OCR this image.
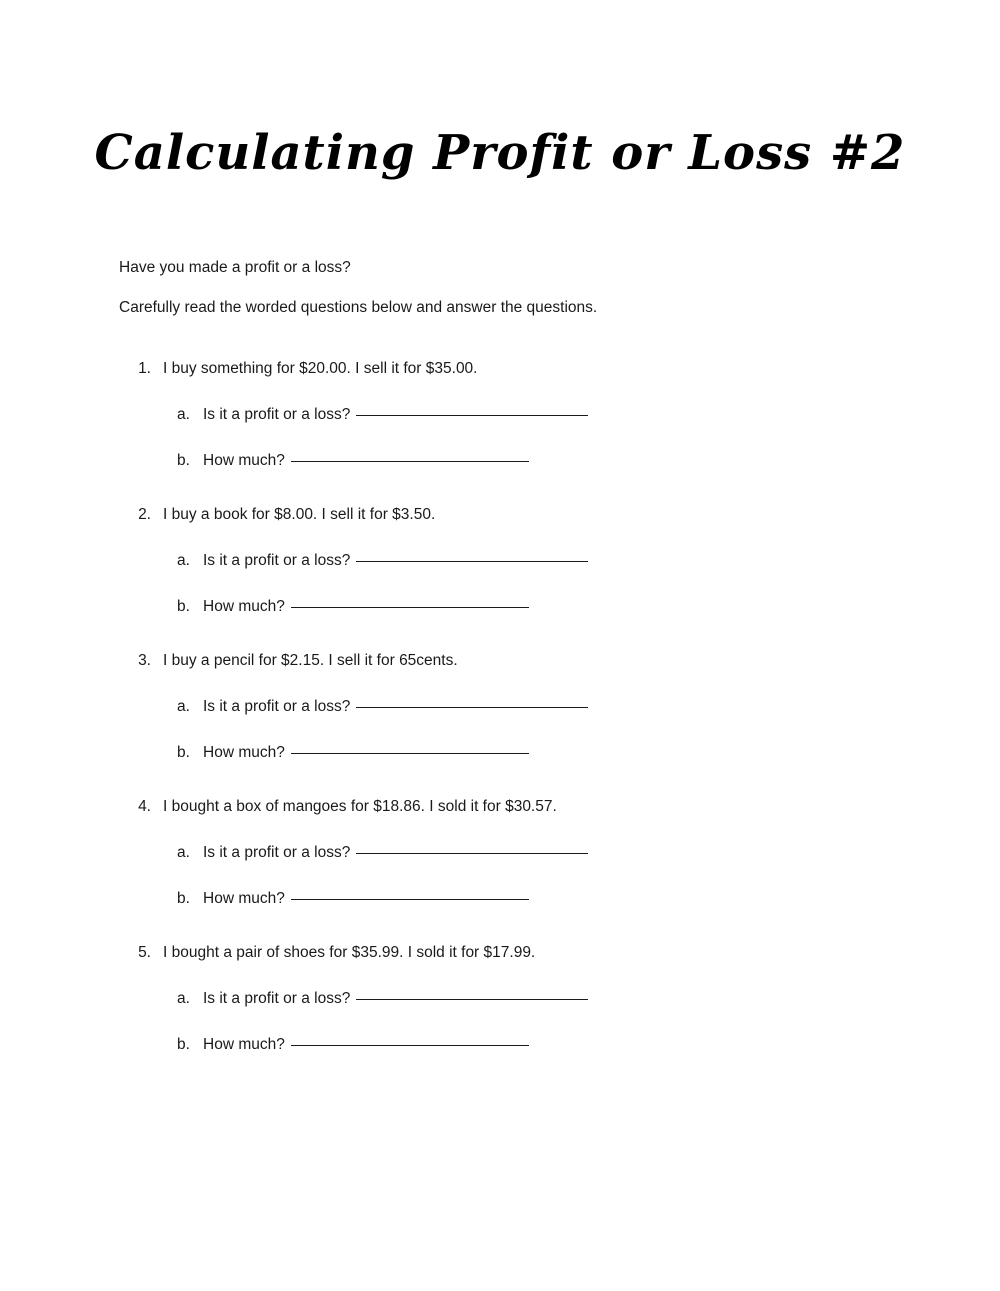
Calculating Profit or Loss #2
Have you made a profit or a loss?
Carefully read the worded questions below and answer the questions.
1. I buy something for $20.00. I sell it for $35.00.
a. Is it a profit or a loss?
b. How much?
2. I buy a book for $8.00. I sell it for $3.50.
a. Is it a profit or a loss?
b. How much?
3. I buy a pencil for $2.15. I sell it for 65cents.
a. Is it a profit or a loss?
b. How much?
4. I bought a box of mangoes for $18.86. I sold it for $30.57.
a. Is it a profit or a loss?
b. How much?
5. I bought a pair of shoes for $35.99. I sold it for $17.99.
a. Is it a profit or a loss?
b. How much?
